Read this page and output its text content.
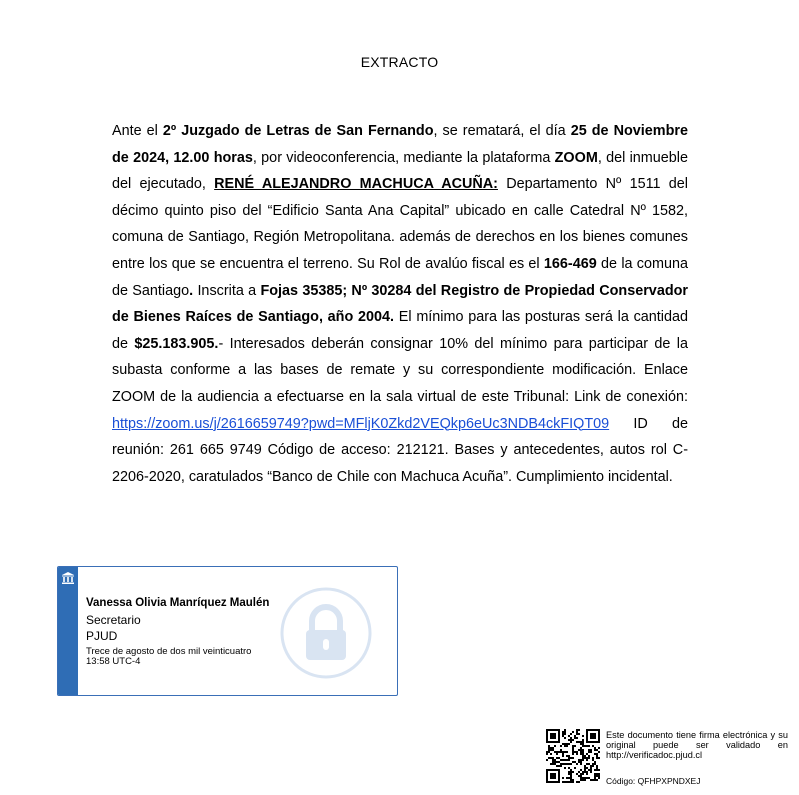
EXTRACTO
Ante el 2º Juzgado de Letras de San Fernando, se rematará, el día 25 de Noviembre de 2024, 12.00 horas, por videoconferencia, mediante la plataforma ZOOM, del inmueble del ejecutado, RENÉ ALEJANDRO MACHUCA ACUÑA: Departamento Nº 1511 del décimo quinto piso del “Edificio Santa Ana Capital” ubicado en calle Catedral Nº 1582, comuna de Santiago, Región Metropolitana. además de derechos en los bienes comunes entre los que se encuentra el terreno. Su Rol de avalúo fiscal es el 166-469 de la comuna de Santiago. Inscrita a Fojas 35385; Nº 30284 del Registro de Propiedad Conservador de Bienes Raíces de Santiago, año 2004. El mínimo para las posturas será la cantidad de $25.183.905.- Interesados deberán consignar 10% del mínimo para participar de la subasta conforme a las bases de remate y su correspondiente modificación. Enlace ZOOM de la audiencia a efectuarse en la sala virtual de este Tribunal: Link de conexión: https://zoom.us/j/2616659749?pwd=MFljK0Zkd2VEQkp6eUc3NDB4ckFIQT09 ID de reunión: 261 665 9749 Código de acceso: 212121. Bases y antecedentes, autos rol C-2206-2020, caratulados “Banco de Chile con Machuca Acuña”. Cumplimiento incidental.
Vanessa Olivia Manríquez Maulén
Secretario
PJUD
Trece de agosto de dos mil veinticuatro
13:58 UTC-4
Este documento tiene firma electrónica y su original puede ser validado en http://verificadoc.pjud.cl
Código: QFHPXPNDXEJ
